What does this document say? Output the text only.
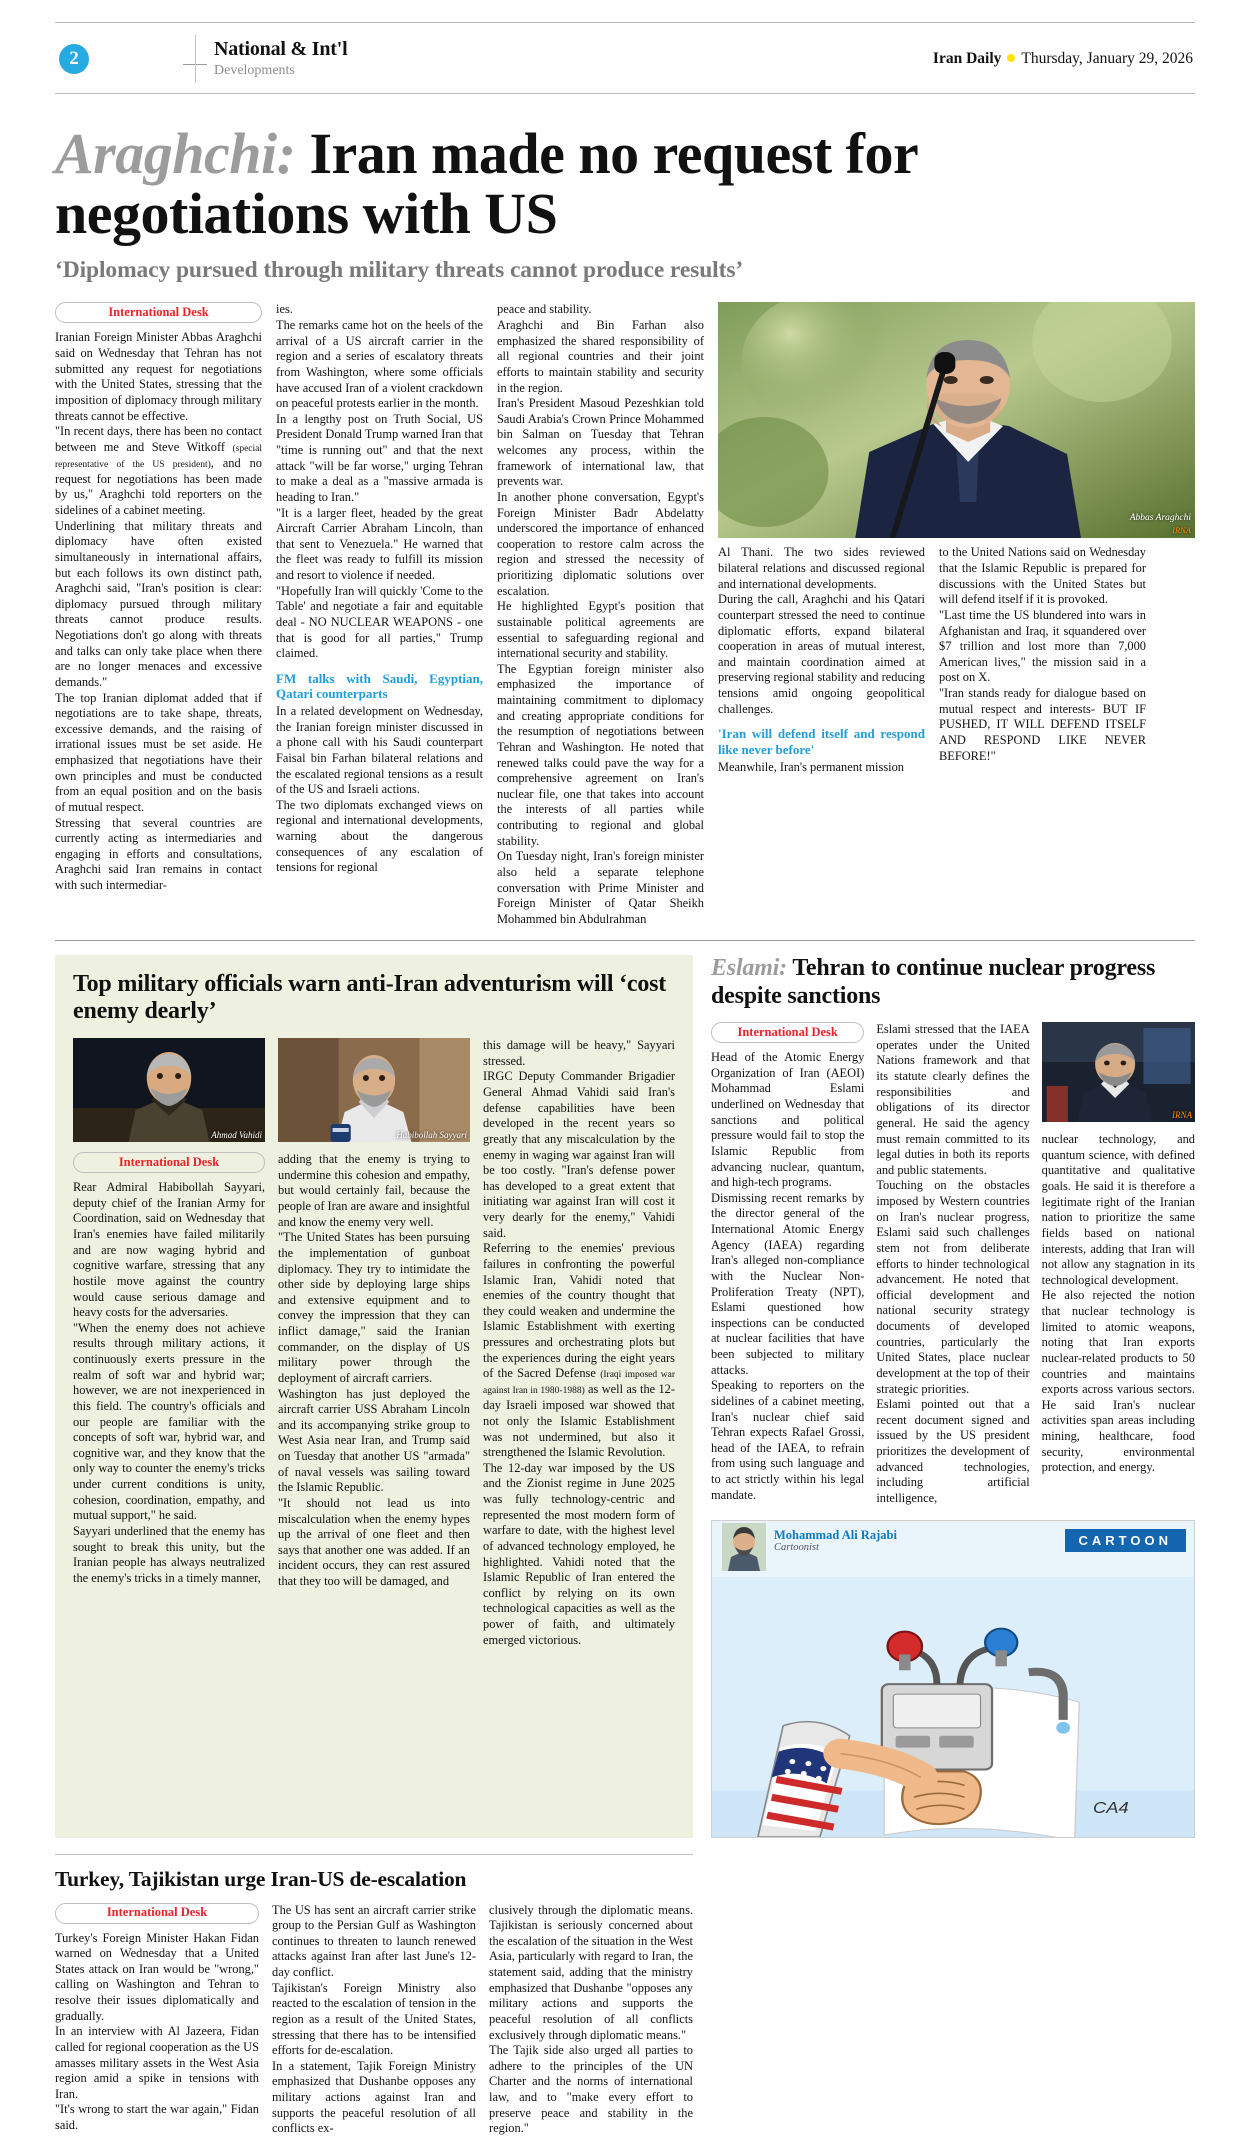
2	National & Int'l
Developments
Iran Daily Thursday, January 29, 2026
Araghchi: Iran made no request for negotiations with US
‘Diplomacy pursued through military threats cannot produce results’
International Desk

Iranian Foreign Minister Abbas Araghchi said on Wednesday that Tehran has not submitted any request for negotiations with the United States, stressing that the imposition of diplomacy through military threats cannot be effective.

"In recent days, there has been no contact between me and Steve Witkoff (special representative of the US president), and no request for negotiations has been made by us," Araghchi told reporters on the sidelines of a cabinet meeting.

Underlining that military threats and diplomacy have often existed simultaneously in international affairs, but each follows its own distinct path, Araghchi said, "Iran's position is clear: diplomacy pursued through military threats cannot produce results. Negotiations don't go along with threats and talks can only take place when there are no longer menaces and excessive demands."

The top Iranian diplomat added that if negotiations are to take shape, threats, excessive demands, and the raising of irrational issues must be set aside. He emphasized that negotiations have their own principles and must be conducted from an equal position and on the basis of mutual respect.

Stressing that several countries are currently acting as intermediaries and engaging in efforts and consultations, Araghchi said Iran remains in contact with such intermediar-

ies.

The remarks came hot on the heels of the arrival of a US aircraft carrier in the region and a series of escalatory threats from Washington, where some officials have accused Iran of a violent crackdown on peaceful protests earlier in the month.

In a lengthy post on Truth Social, US President Donald Trump warned Iran that "time is running out" and that the next attack "will be far worse," urging Tehran to make a deal as a "massive armada is heading to Iran."

"It is a larger fleet, headed by the great Aircraft Carrier Abraham Lincoln, than that sent to Venezuela." He warned that the fleet was ready to fulfill its mission and resort to violence if needed.

"Hopefully Iran will quickly 'Come to the Table' and negotiate a fair and equitable deal - NO NUCLEAR WEAPONS - one that is good for all parties," Trump claimed.

FM talks with Saudi, Egyptian, Qatari counterparts

In a related development on Wednesday, the Iranian foreign minister discussed in a phone call with his Saudi counterpart Faisal bin Farhan bilateral relations and the escalated regional tensions as a result of the US and Israeli actions.

The two diplomats exchanged views on regional and international developments, warning about the dangerous consequences of any escalation of tensions for regional

peace and stability.

Araghchi and Bin Farhan also emphasized the shared responsibility of all regional countries and their joint efforts to maintain stability and security in the region.

Iran's President Masoud Pezeshkian told Saudi Arabia's Crown Prince Mohammed bin Salman on Tuesday that Tehran welcomes any process, within the framework of international law, that prevents war.

In another phone conversation, Egypt's Foreign Minister Badr Abdelatty underscored the importance of enhanced cooperation to restore calm across the region and stressed the necessity of prioritizing diplomatic solutions over escalation.

He highlighted Egypt's position that sustainable political agreements are essential to safeguarding regional and international security and stability.

The Egyptian foreign minister also emphasized the importance of maintaining commitment to diplomacy and creating appropriate conditions for the resumption of negotiations between Tehran and Washington. He noted that renewed talks could pave the way for a comprehensive agreement on Iran's nuclear file, one that takes into account the interests of all parties while contributing to regional and global stability.

On Tuesday night, Iran's foreign minister also held a separate telephone conversation with Prime Minister and Foreign Minister of Qatar Sheikh Mohammed bin Abdulrahman

Abbas Araghchi
IRNA

Al Thani. The two sides reviewed bilateral relations and discussed regional and international developments.

During the call, Araghchi and his Qatari counterpart stressed the need to continue diplomatic efforts, expand bilateral cooperation in areas of mutual interest, and maintain coordination aimed at preserving regional stability and reducing tensions amid ongoing geopolitical challenges.

'Iran will defend itself and respond like never before'

Meanwhile, Iran's permanent mission

to the United Nations said on Wednesday that the Islamic Republic is prepared for discussions with the United States but will defend itself if it is provoked.

"Last time the US blundered into wars in Afghanistan and Iraq, it squandered over $7 trillion and lost more than 7,000 American lives," the mission said in a post on X.

"Iran stands ready for dialogue based on mutual respect and interests- BUT IF PUSHED, IT WILL DEFEND ITSELF AND RESPOND LIKE NEVER BEFORE!"

Top military officials warn anti-Iran adventurism will ‘cost enemy dearly’
Ahmad Vahidi
International Desk

Rear Admiral Habibollah Sayyari, deputy chief of the Iranian Army for Coordination, said on Wednesday that Iran's enemies have failed militarily and are now waging hybrid and cognitive warfare, stressing that any hostile move against the country would cause serious damage and heavy costs for the adversaries.

"When the enemy does not achieve results through military actions, it continuously exerts pressure in the realm of soft war and hybrid war; however, we are not inexperienced in this field. The country's officials and our people are familiar with the concepts of soft war, hybrid war, and cognitive war, and they know that the only way to counter the enemy's tricks under current conditions is unity, cohesion, coordination, empathy, and mutual support," he said.

Sayyari underlined that the enemy has sought to break this unity, but the Iranian people has always neutralized the enemy's tricks in a timely manner,

Habibollah Sayyari

adding that the enemy is trying to undermine this cohesion and empathy, but would certainly fail, because the people of Iran are aware and insightful and know the enemy very well.

"The United States has been pursuing the implementation of gunboat diplomacy. They try to intimidate the other side by deploying large ships and extensive equipment and to convey the impression that they can inflict damage," said the Iranian commander, on the display of US military power through the deployment of aircraft carriers.

Washington has just deployed the aircraft carrier USS Abraham Lincoln and its accompanying strike group to West Asia near Iran, and Trump said on Tuesday that another US "armada" of naval vessels was sailing toward the Islamic Republic.

"It should not lead us into miscalculation when the enemy hypes up the arrival of one fleet and then says that another one was added. If an incident occurs, they can rest assured that they too will be damaged, and

this damage will be heavy," Sayyari stressed.

IRGC Deputy Commander Brigadier General Ahmad Vahidi said Iran's defense capabilities have been developed in the recent years so greatly that any miscalculation by the enemy in waging war against Iran will be too costly. "Iran's defense power has developed to a great extent that initiating war against Iran will cost it very dearly for the enemy," Vahidi said.

Referring to the enemies' previous failures in confronting the powerful Islamic Iran, Vahidi noted that enemies of the country thought that they could weaken and undermine the Islamic Establishment with exerting pressures and orchestrating plots but the experiences during the eight years of the Sacred Defense (Iraqi imposed war against Iran in 1980-1988) as well as the 12-day Israeli imposed war showed that not only the Islamic Establishment was not undermined, but also it strengthened the Islamic Revolution.

The 12-day war imposed by the US and the Zionist regime in June 2025 was fully technology-centric and represented the most modern form of warfare to date, with the highest level of advanced technology employed, he highlighted. Vahidi noted that the Islamic Republic of Iran entered the conflict by relying on its own technological capacities as well as the power of faith, and ultimately emerged victorious.

Eslami: Tehran to continue nuclear progress despite sanctions
International Desk

Head of the Atomic Energy Organization of Iran (AEOI) Mohammad Eslami underlined on Wednesday that sanctions and political pressure would fail to stop the Islamic Republic from advancing nuclear, quantum, and high-tech programs.

Dismissing recent remarks by the director general of the International Atomic Energy Agency (IAEA) regarding Iran's alleged non-compliance with the Nuclear Non-Proliferation Treaty (NPT), Eslami questioned how inspections can be conducted at nuclear facilities that have been subjected to military attacks.

Speaking to reporters on the sidelines of a cabinet meeting, Iran's nuclear chief said Tehran expects Rafael Grossi, head of the IAEA, to refrain from using such language and to act strictly within his legal mandate.

Eslami stressed that the IAEA operates under the United Nations framework and that its statute clearly defines the responsibilities and obligations of its director general. He said the agency must remain committed to its legal duties in both its reports and public statements.

Touching on the obstacles imposed by Western countries on Iran's nuclear progress, Eslami said such challenges stem not from deliberate efforts to hinder technological advancement. He noted that official development and national security strategy documents of developed countries, particularly the United States, place nuclear development at the top of their strategic priorities.

Eslami pointed out that a recent document signed and issued by the US president prioritizes the development of advanced technologies, including artificial intelligence,

IRNA

nuclear technology, and quantum science, with defined quantitative and qualitative goals. He said it is therefore a legitimate right of the Iranian nation to prioritize the same fields based on national interests, adding that Iran will not allow any stagnation in its technological development.

He also rejected the notion that nuclear technology is limited to atomic weapons, noting that Iran exports nuclear-related products to 50 countries and maintains exports across various sectors. He said Iran's nuclear activities span areas including mining, healthcare, food security, environmental protection, and energy.

Mohammad Ali Rajabi
Cartoonist	CARTOON
CA4
Turkey, Tajikistan urge Iran-US de-escalation
International Desk

Turkey's Foreign Minister Hakan Fidan warned on Wednesday that a United States attack on Iran would be "wrong," calling on Washington and Tehran to resolve their issues diplomatically and gradually.

In an interview with Al Jazeera, Fidan called for regional cooperation as the US amasses military assets in the West Asia region amid a spike in tensions with Iran.

"It's wrong to start the war again," Fidan said.

The US has sent an aircraft carrier strike group to the Persian Gulf as Washington continues to threaten to launch renewed attacks against Iran after last June's 12-day conflict.

Tajikistan's Foreign Ministry also reacted to the escalation of tension in the region as a result of the United States, stressing that there has to be intensified efforts for de-escalation.

In a statement, Tajik Foreign Ministry emphasized that Dushanbe opposes any military actions against Iran and supports the peaceful resolution of all conflicts ex-

clusively through the diplomatic means. Tajikistan is seriously concerned about the escalation of the situation in the West Asia, particularly with regard to Iran, the statement said, adding that the ministry emphasized that Dushanbe "opposes any military actions and supports the peaceful resolution of all conflicts exclusively through diplomatic means."

The Tajik side also urged all parties to adhere to the principles of the UN Charter and the norms of international law, and to "make every effort to preserve peace and stability in the region."
